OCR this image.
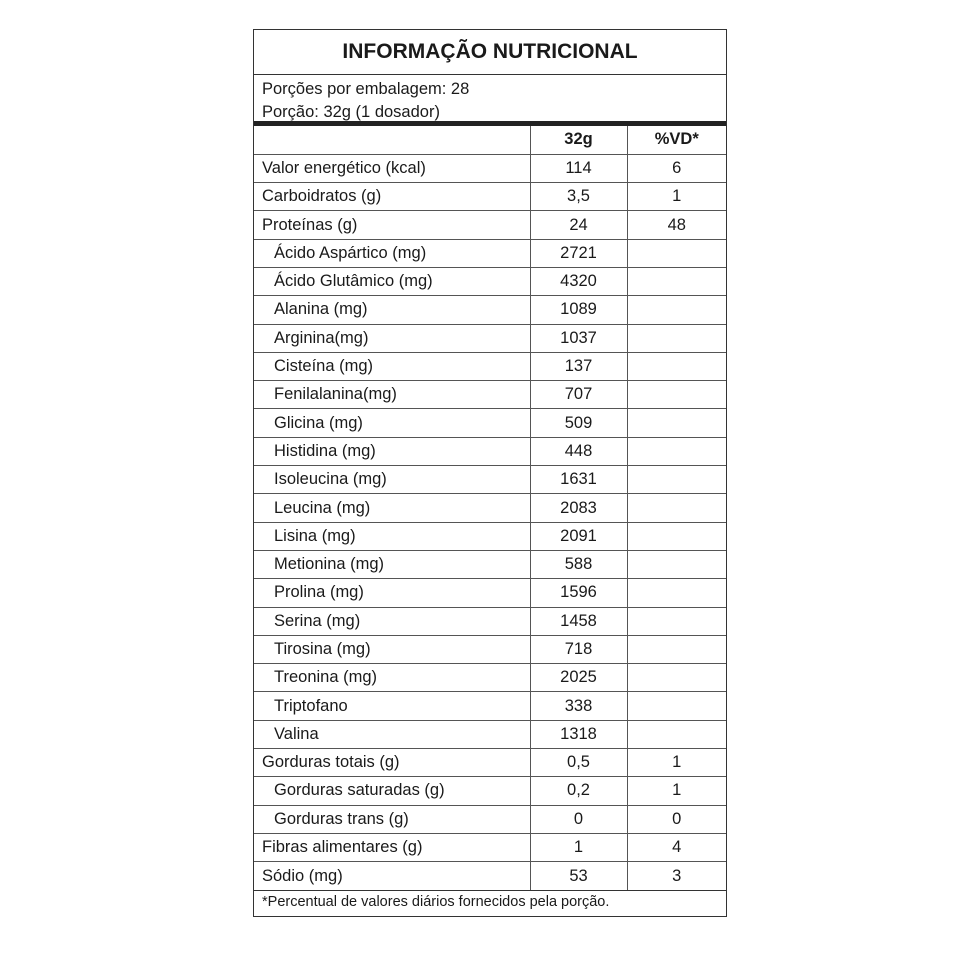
INFORMAÇÃO NUTRICIONAL
Porções por embalagem: 28
Porção: 32g (1 dosador)
	32g	%VD*
Valor energético (kcal)	114	6
Carboidratos (g)	3,5	1
Proteínas (g)	24	48
Ácido Aspártico (mg)	2721	
Ácido Glutâmico (mg)	4320	
Alanina (mg)	1089	
Arginina(mg)	1037	
Cisteína (mg)	137	
Fenilalanina(mg)	707	
Glicina (mg)	509	
Histidina (mg)	448	
Isoleucina (mg)	1631	
Leucina (mg)	2083	
Lisina (mg)	2091	
Metionina (mg)	588	
Prolina (mg)	1596	
Serina (mg)	1458	
Tirosina (mg)	718	
Treonina (mg)	2025	
Triptofano	338	
Valina	1318	
Gorduras totais (g)	0,5	1
Gorduras saturadas (g)	0,2	1
Gorduras trans (g)	0	0
Fibras alimentares (g)	1	4
Sódio (mg)	53	3
*Percentual de valores diários fornecidos pela porção.
